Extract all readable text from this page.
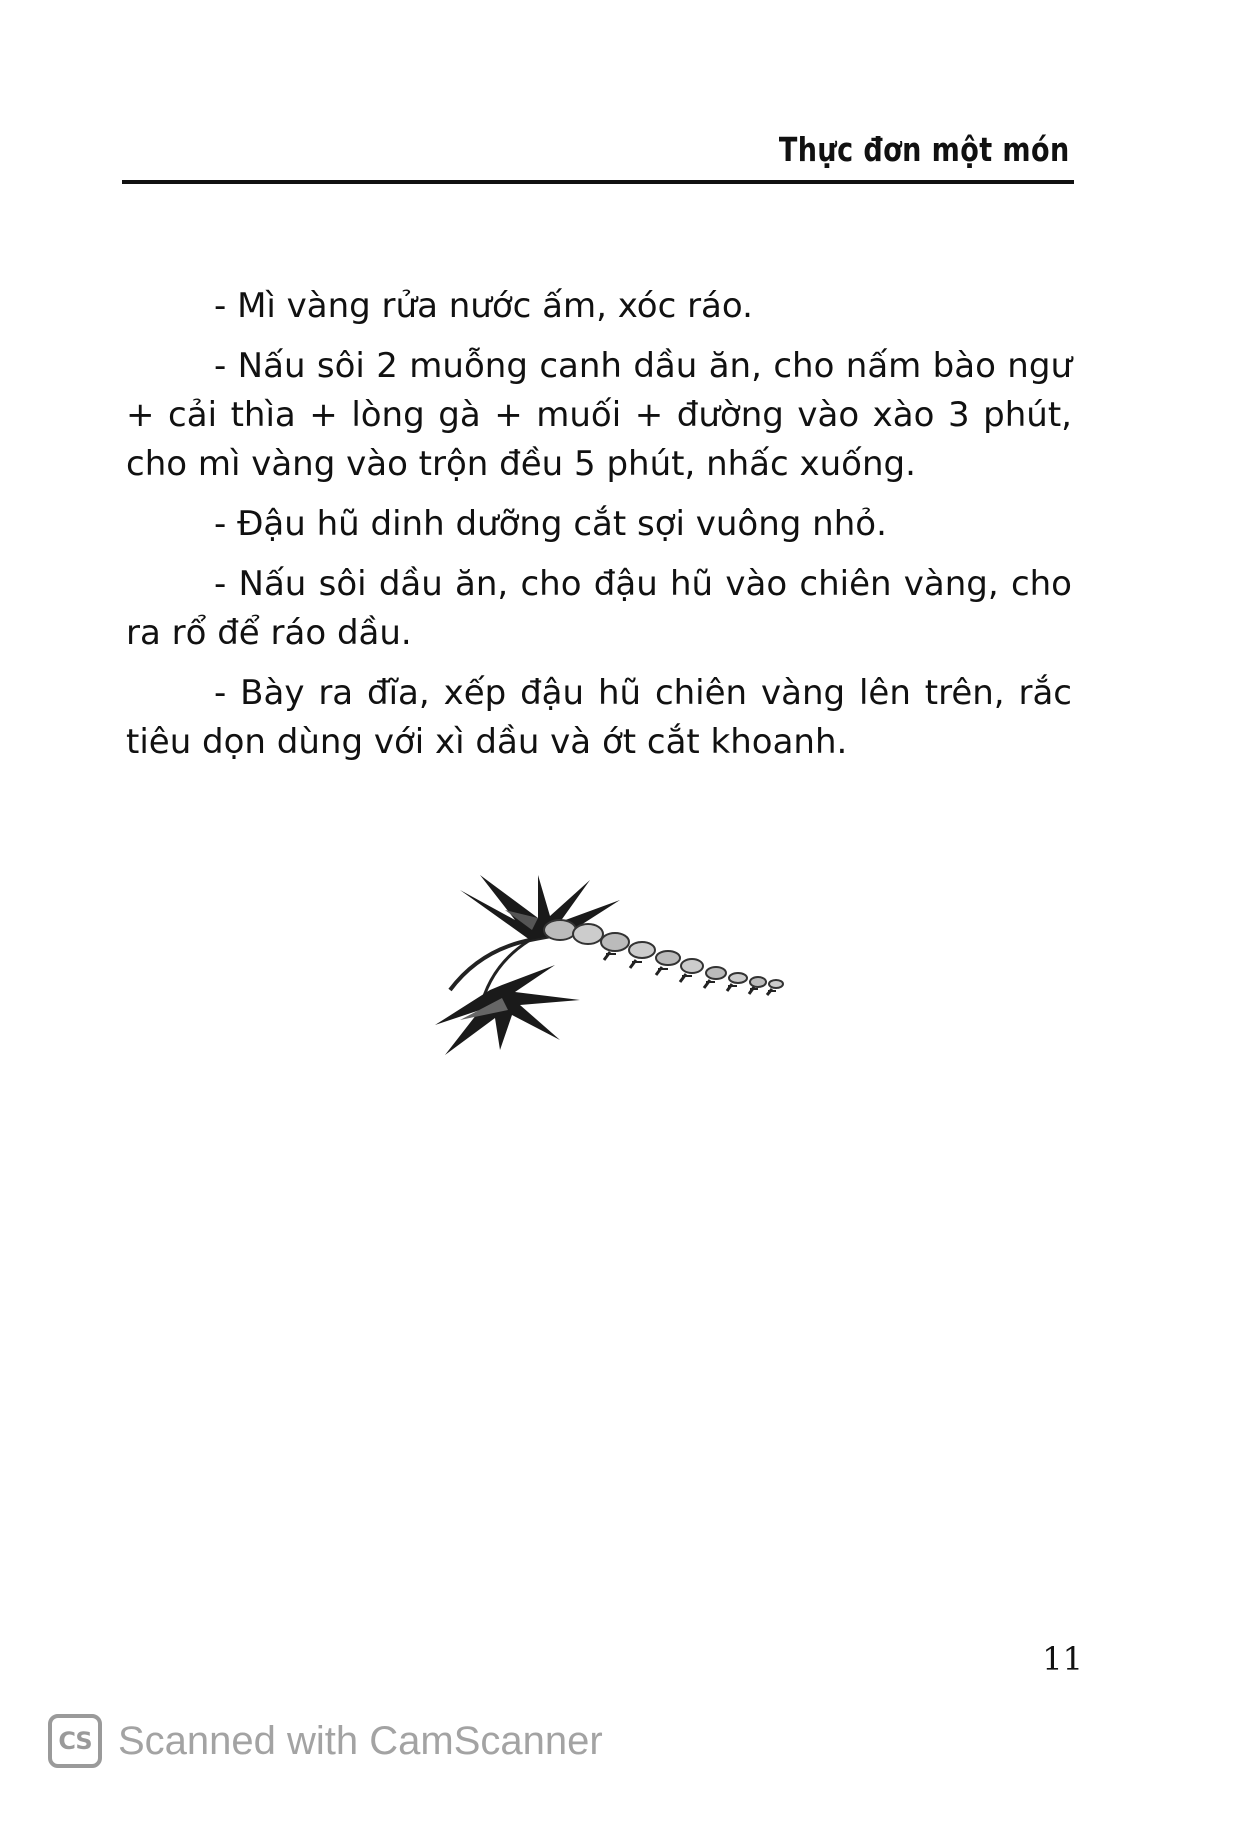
Thực đơn một món

- Mì vàng rửa nước ấm, xóc ráo.

- Nấu sôi 2 muỗng canh dầu ăn, cho nấm bào ngư + cải thìa + lòng gà + muối + đường vào xào 3 phút, cho mì vàng vào trộn đều 5 phút, nhấc xuống.

- Đậu hũ dinh dưỡng cắt sợi vuông nhỏ.

- Nấu sôi dầu ăn, cho đậu hũ vào chiên vàng, cho ra rổ để ráo dầu.

- Bày ra đĩa, xếp đậu hũ chiên vàng lên trên, rắc tiêu dọn dùng với xì dầu và ớt cắt khoanh.

11
CS Scanned with CamScanner
